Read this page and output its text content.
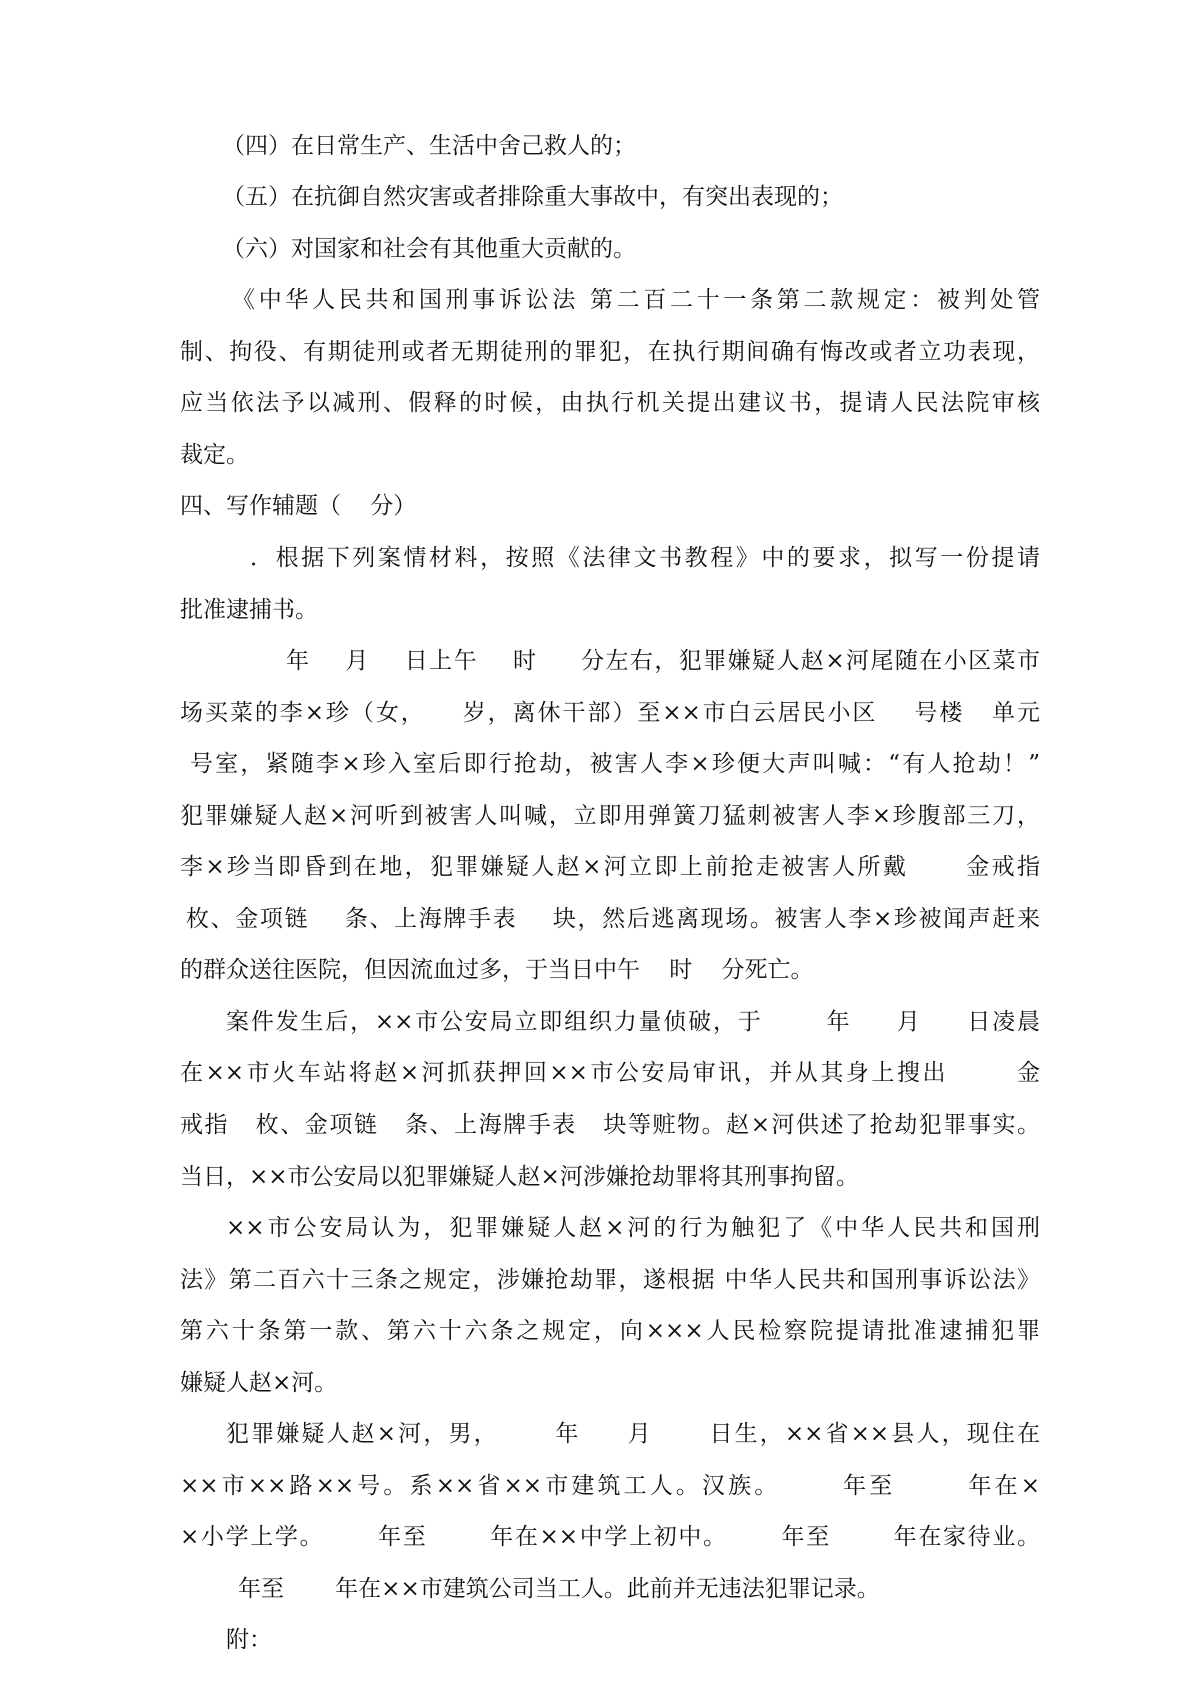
（四）在日常生产、生活中舍己救人的；
（五）在抗御自然灾害或者排除重大事故中，有突出表现的；
（六）对国家和社会有其他重大贡献的。
《中华人民共和国刑事诉讼法 第二百二十一条第二款规定：被判处管
制、拘役、有期徒刑或者无期徒刑的罪犯，在执行期间确有悔改或者立功表现，
应当依法予以减刑、假释的时候，由执行机关提出建议书，提请人民法院审核
裁定。
四、写作辅题（    分）
．根据下列案情材料，按照《法律文书教程》中的要求，拟写一份提请
批准逮捕书。
年    月    日上午    时     分左右，犯罪嫌疑人赵×河尾随在小区菜市
场买菜的李×珍（女，    岁，离休干部）至××市白云居民小区    号楼   单元
号室，紧随李×珍入室后即行抢劫，被害人李×珍便大声叫喊：“有人抢劫！”
犯罪嫌疑人赵×河听到被害人叫喊，立即用弹簧刀猛刺被害人李×珍腹部三刀，
李×珍当即昏到在地，犯罪嫌疑人赵×河立即上前抢走被害人所戴      金戒指
枚、金项链    条、上海牌手表    块，然后逃离现场。被害人李×珍被闻声赶来
的群众送往医院，但因流血过多，于当日中午    时    分死亡。
案件发生后，××市公安局立即组织力量侦破，于       年     月     日凌晨
在××市火车站将赵×河抓获押回××市公安局审讯，并从其身上搜出       金
戒指   枚、金项链   条、上海牌手表   块等赃物。赵×河供述了抢劫犯罪事实。
当日，××市公安局以犯罪嫌疑人赵×河涉嫌抢劫罪将其刑事拘留。
××市公安局认为，犯罪嫌疑人赵×河的行为触犯了《中华人民共和国刑
法》第二百六十三条之规定，涉嫌抢劫罪，遂根据 中华人民共和国刑事诉讼法》
第六十条第一款、第六十六条之规定，向×××人民检察院提请批准逮捕犯罪
嫌疑人赵×河。
犯罪嫌疑人赵×河，男，      年     月      日生，××省××县人，现住在
××市××路××号。系××省××市建筑工人。汉族。      年至       年在×
×小学上学。      年至       年在××中学上初中。      年至       年在家待业。
年至       年在××市建筑公司当工人。此前并无违法犯罪记录。
附：
